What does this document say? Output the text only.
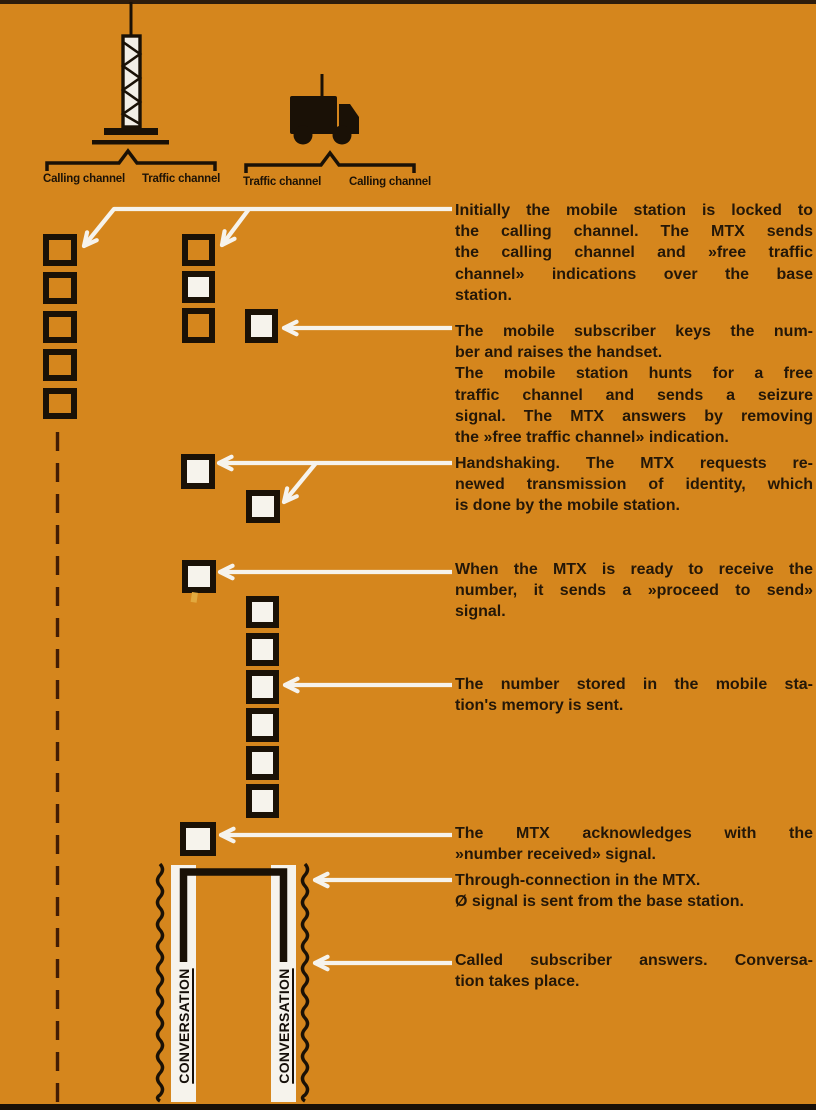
Calling channel Traffic channel Traffic channel Calling channel
CONVERSATION	CONVERSATION
Initially the mobile station is locked to
the calling channel. The MTX sends
the calling channel and »free traffic
channel» indications over the base
station.
The mobile subscriber keys the num-
ber and raises the handset.
The mobile station hunts for a free
traffic channel and sends a seizure
signal. The MTX answers by removing
the »free traffic channel» indication.
Handshaking. The MTX requests re-
newed transmission of identity, which
is done by the mobile station.
When the MTX is ready to receive the
number, it sends a »proceed to send»
signal.
The number stored in the mobile sta-
tion's memory is sent.
The MTX acknowledges with the
»number received» signal.
Through-connection in the MTX.
Ø signal is sent from the base station.
Called subscriber answers. Conversa-
tion takes place.
